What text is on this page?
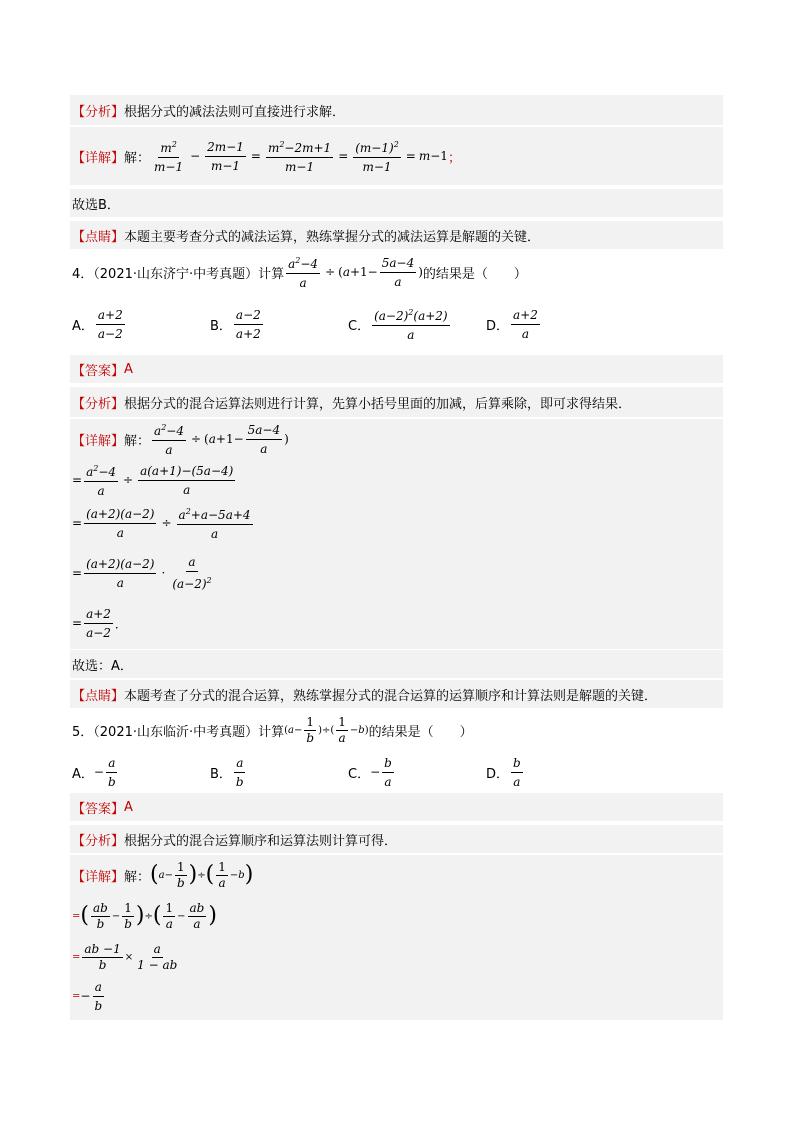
【分析】 根据分式的减法法则可直接进行求解．
【详解】 解： $\frac{m^2}{m-1} - \frac{2m-1}{m-1} = \frac{m^2-2m+1}{m-1} = \frac{(m-1)^2}{m-1} = m -1$ ；
故选B．
【点睛】 本题主要考查分式的减法运算，熟练掌握分式的减法运算是解题的关键．
4．（2021·山东济宁·中考真题）计算 $\frac{a^2-4}{a}$ ÷ ( $a +1- \frac{5a-4}{a}$ ) 的结果是（　　）
A． $\frac{a+2}{a-2}$	B． $\frac{a-2}{a+2}$	C． $\frac{(a-2)^2(a+2)}{a}$	D． $\frac{a+2}{a}$
【答案】 A
【分析】 根据分式的混合运算法则进行计算，先算小括号里面的加减，后算乘除，即可求得结果．
【详解】 解： $\frac{a^2-4}{a}$ ÷ ( $a +1- \frac{5a-4}{a}$ )
= $\frac{a^2-4}{a} \div \frac{a(a+1)-(5a-4)}{a}$
= $\frac{(a+2)(a-2)}{a} \div \frac{a^2+a-5a+4}{a}$
= $\frac{(a+2)(a-2)}{a} \cdot \frac{a}{(a-2)^2}$
= $\frac{a+2}{a-2}$ ．
故选：A．
【点睛】 本题考查了分式的混合运算，熟练掌握分式的混合运算的运算顺序和计算法则是解题的关键．
5．（2021·山东临沂·中考真题）计算 ( $a - \frac{1}{b}$ )÷( $\frac{1}{a} - b$ ) 的结果是（　　）
A． − $\frac{a}{b}$	B． $\frac{a}{b}$	C． − $\frac{b}{a}$	D． $\frac{b}{a}$
【答案】 A
【分析】 根据分式的混合运算顺序和运算法则计算可得．
【详解】 解： ( $a - \frac{1}{b}$ ) ÷ ( $\frac{1}{a} - b$ )
= ( $\frac{ab}{b} - \frac{1}{b}$ ) ÷ ( $\frac{1}{a} - \frac{ab}{a}$ )
= $\frac{ab -1}{b} \times \frac{a}{1 - ab}$
= − $\frac{a}{b}$
